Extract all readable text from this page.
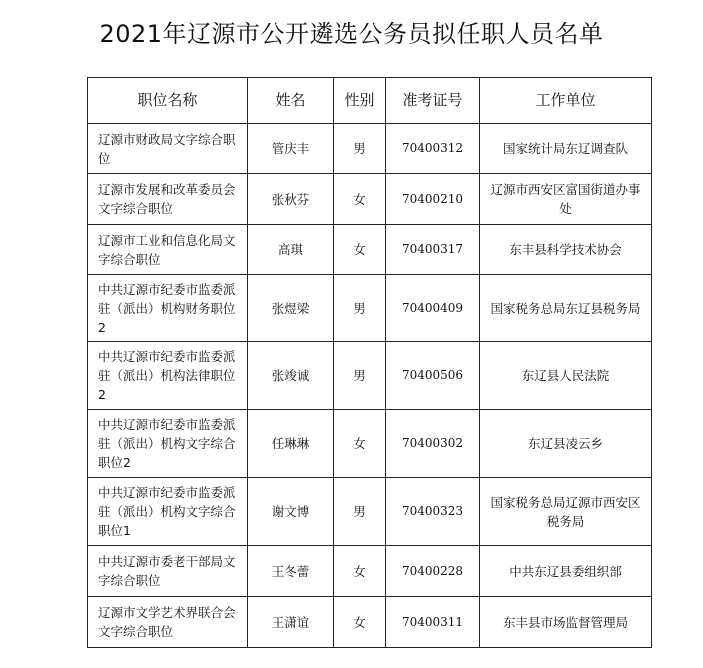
2021年辽源市公开遴选公务员拟任职人员名单
职位名称	姓名	性别	准考证号	工作单位
辽源市财政局文字综合职位	管庆丰	男	70400312	国家统计局东辽调查队
辽源市发展和改革委员会文字综合职位	张秋芬	女	70400210	辽源市西安区富国街道办事处
辽源市工业和信息化局文字综合职位	高琪	女	70400317	东丰县科学技术协会
中共辽源市纪委市监委派驻（派出）机构财务职位2	张煜梁	男	70400409	国家税务总局东辽县税务局
中共辽源市纪委市监委派驻（派出）机构法律职位2	张竣诚	男	70400506	东辽县人民法院
中共辽源市纪委市监委派驻（派出）机构文字综合职位2	任琳琳	女	70400302	东辽县凌云乡
中共辽源市纪委市监委派驻（派出）机构文字综合职位1	谢文博	男	70400323	国家税务总局辽源市西安区税务局
中共辽源市委老干部局文字综合职位	王冬蕾	女	70400228	中共东辽县委组织部
辽源市文学艺术界联合会文字综合职位	王潇谊	女	70400311	东丰县市场监督管理局
